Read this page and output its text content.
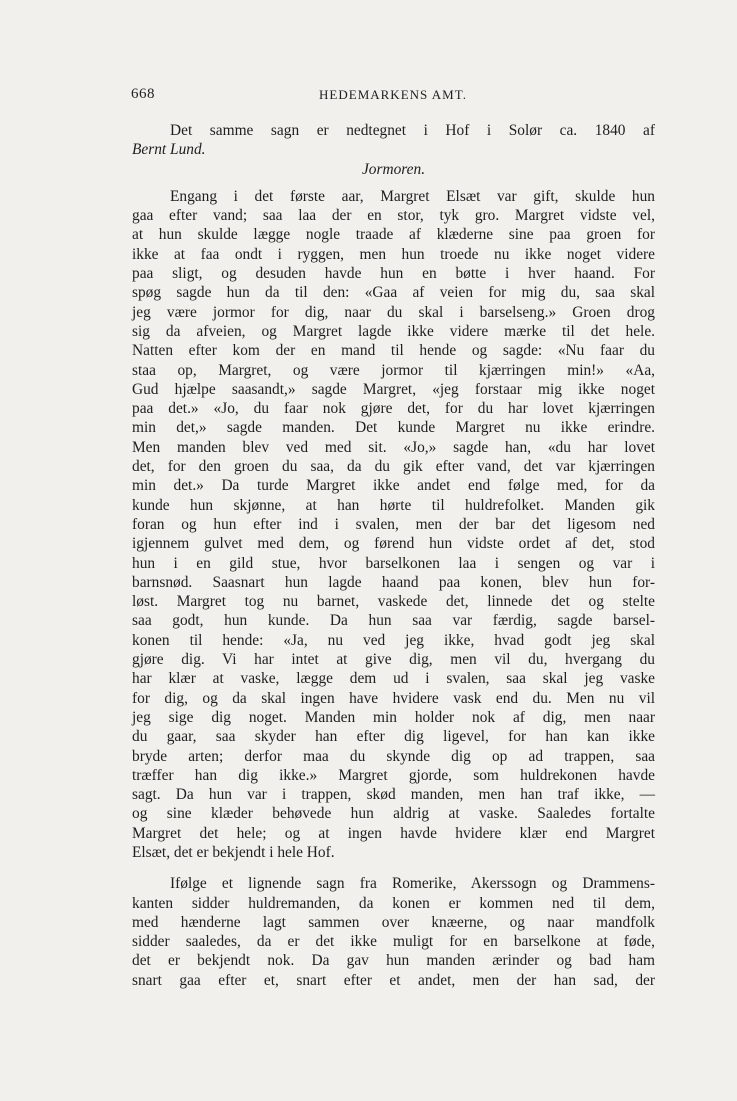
668	HEDEMARKENS AMT.
Det samme sagn er nedtegnet i Hof i Solør ca. 1840 af
Bernt Lund.
Jormoren.
Engang i det første aar, Margret Elsæt var gift, skulde hun
gaa efter vand; saa laa der en stor, tyk gro. Margret vidste vel,
at hun skulde lægge nogle traade af klæderne sine paa groen for
ikke at faa ondt i ryggen, men hun troede nu ikke noget videre
paa sligt, og desuden havde hun en bøtte i hver haand. For
spøg sagde hun da til den: «Gaa af veien for mig du, saa skal
jeg være jormor for dig, naar du skal i barselseng.» Groen drog
sig da afveien, og Margret lagde ikke videre mærke til det hele.
Natten efter kom der en mand til hende og sagde: «Nu faar du
staa op, Margret, og være jormor til kjærringen min!» «Aa,
Gud hjælpe saasandt,» sagde Margret, «jeg forstaar mig ikke noget
paa det.» «Jo, du faar nok gjøre det, for du har lovet kjærringen
min det,» sagde manden. Det kunde Margret nu ikke erindre.
Men manden blev ved med sit. «Jo,» sagde han, «du har lovet
det, for den groen du saa, da du gik efter vand, det var kjærringen
min det.» Da turde Margret ikke andet end følge med, for da
kunde hun skjønne, at han hørte til huldrefolket. Manden gik
foran og hun efter ind i svalen, men der bar det ligesom ned
igjennem gulvet med dem, og førend hun vidste ordet af det, stod
hun i en gild stue, hvor barselkonen laa i sengen og var i
barnsnød. Saasnart hun lagde haand paa konen, blev hun for-
løst. Margret tog nu barnet, vaskede det, linnede det og stelte
saa godt, hun kunde. Da hun saa var færdig, sagde barsel-
konen til hende: «Ja, nu ved jeg ikke, hvad godt jeg skal
gjøre dig. Vi har intet at give dig, men vil du, hvergang du
har klær at vaske, lægge dem ud i svalen, saa skal jeg vaske
for dig, og da skal ingen have hvidere vask end du. Men nu vil
jeg sige dig noget. Manden min holder nok af dig, men naar
du gaar, saa skyder han efter dig ligevel, for han kan ikke
bryde arten; derfor maa du skynde dig op ad trappen, saa
træffer han dig ikke.» Margret gjorde, som huldrekonen havde
sagt. Da hun var i trappen, skød manden, men han traf ikke, —
og sine klæder behøvede hun aldrig at vaske. Saaledes fortalte
Margret det hele; og at ingen havde hvidere klær end Margret
Elsæt, det er bekjendt i hele Hof.
Ifølge et lignende sagn fra Romerike, Akerssogn og Drammens-
kanten sidder huldremanden, da konen er kommen ned til dem,
med hænderne lagt sammen over knæerne, og naar mandfolk
sidder saaledes, da er det ikke muligt for en barselkone at føde,
det er bekjendt nok. Da gav hun manden ærinder og bad ham
snart gaa efter et, snart efter et andet, men der han sad, der
